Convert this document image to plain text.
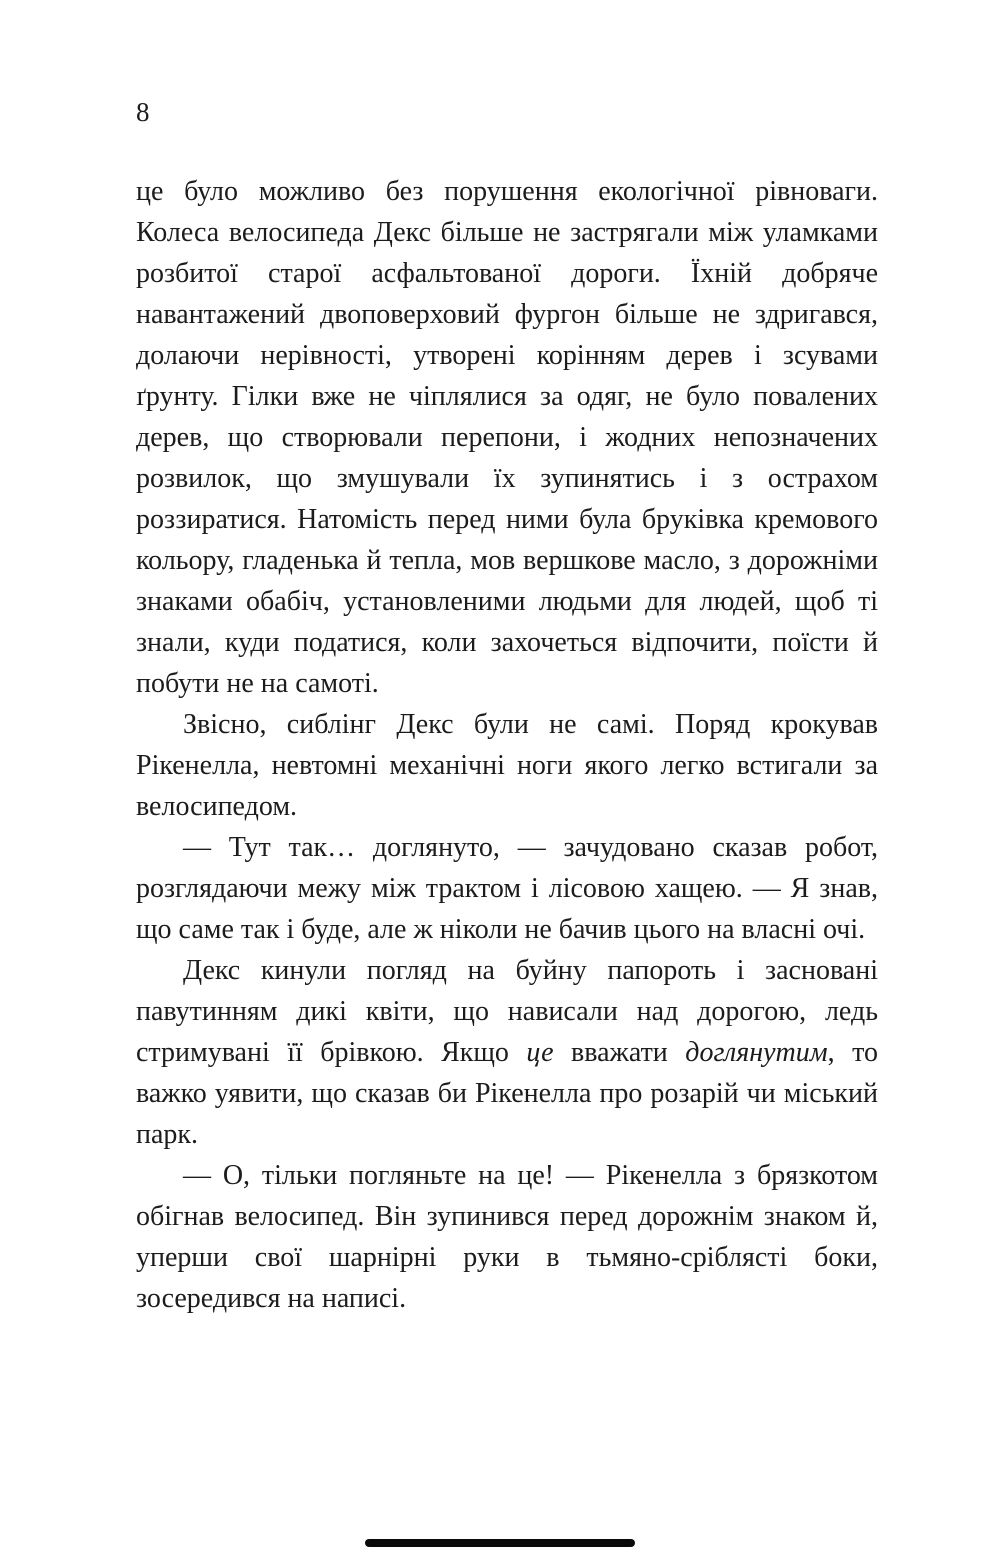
8

це було можливо без порушення екологічної рівноваги. Колеса велосипеда Декс більше не застрягали між уламками розбитої старої асфальтованої дороги. Їхній добряче навантажений двоповерховий фургон більше не здригався, долаючи нерівності, утворені корінням дерев і зсувами ґрунту. Гілки вже не чіплялися за одяг, не було повалених дерев, що створювали перепони, і жодних непозначених розвилок, що змушували їх зупинятись і з острахом роззиратися. Натомість перед ними була бруківка кремового кольору, гладенька й тепла, мов вершкове масло, з дорожніми знаками обабіч, установленими людьми для людей, щоб ті знали, куди податися, коли захочеться відпочити, поїсти й побути не на самоті.

Звісно, сиблінг Декс були не самі. Поряд крокував Рікенелла, невтомні механічні ноги якого легко встигали за велосипедом.

— Тут так… доглянуто, — зачудовано сказав робот, розглядаючи межу між трактом і лісовою хащею. — Я знав, що саме так і буде, але ж ніколи не бачив цього на власні очі.

Декс кинули погляд на буйну папороть і засновані павутинням дикі квіти, що нависали над дорогою, ледь стримувані її брівкою. Якщо це вважати доглянутим, то важко уявити, що сказав би Рікенелла про розарій чи міський парк.

— О, тільки погляньте на це! — Рікенелла з брязкотом обігнав велосипед. Він зупинився перед дорожнім знаком й, уперши свої шарнірні руки в тьмяно-сріблясті боки, зосередився на написі.
